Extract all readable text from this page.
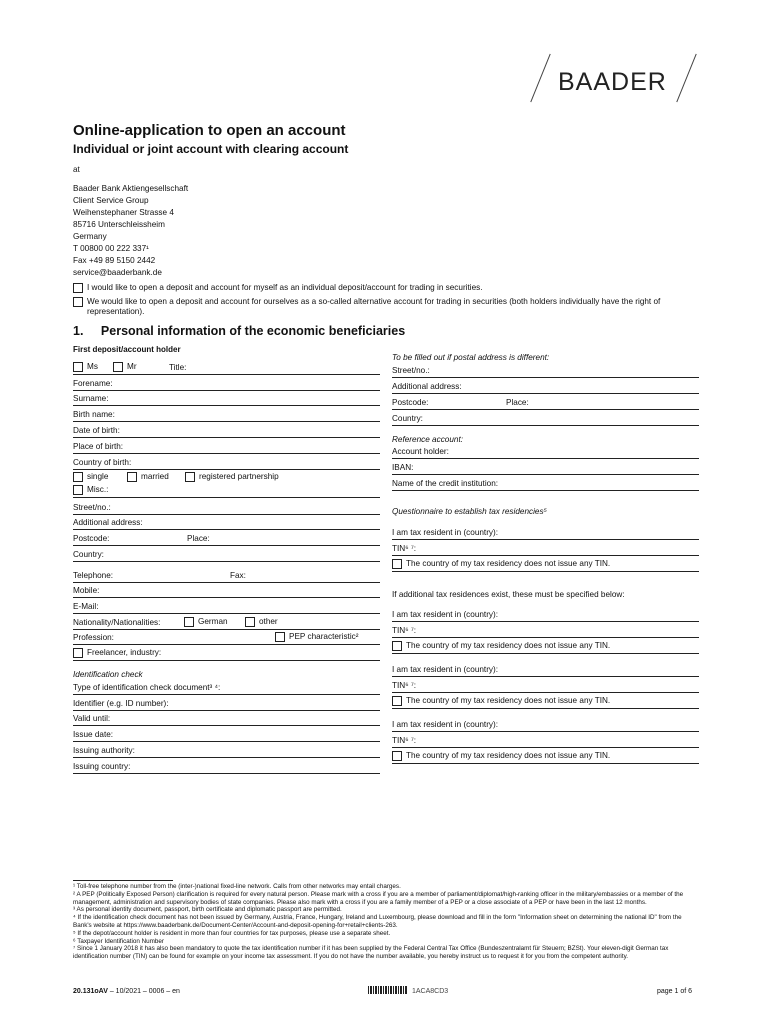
BAADER
Online-application to open an account
Individual or joint account with clearing account
at
Baader Bank Aktiengesellschaft
Client Service Group
Weihenstephaner Strasse 4
85716 Unterschleissheim
Germany
T 00800 00 222 337¹
Fax +49 89 5150 2442
service@baaderbank.de
I would like to open a deposit and account for myself as an individual deposit/account for trading in securities.
We would like to open a deposit and account for ourselves as a so-called alternative account for trading in securities (both holders individually have the right of representation).
1. Personal information of the economic beneficiaries
First deposit/account holder
Ms	Mr	Title:
Forename:
Surname:
Birth name:
Date of birth:
Place of birth:
Country of birth:
single	married	registered partnership
Misc.:
Street/no.:
Additional address:
Postcode:	Place:
Country:
Telephone:	Fax:
Mobile:
E-Mail:
Nationality/Nationalities:	German	other
Profession:	PEP characteristic²
Freelancer, industry:
Identification check
Type of identification check document³ ⁴:
Identifier (e.g. ID number):
Valid until:
Issue date:
Issuing authority:
Issuing country:
To be filled out if postal address is different:
Street/no.:
Additional address:
Postcode:	Place:
Country:
Reference account:
Account holder:
IBAN:
Name of the credit institution:
Questionnaire to establish tax residencies⁵
I am tax resident in (country):
TIN⁶ ⁷:
The country of my tax residency does not issue any TIN.
If additional tax residences exist, these must be specified below:
I am tax resident in (country):
TIN⁶ ⁷:
The country of my tax residency does not issue any TIN.
I am tax resident in (country):
TIN⁶ ⁷:
The country of my tax residency does not issue any TIN.
I am tax resident in (country):
TIN⁶ ⁷:
The country of my tax residency does not issue any TIN.
¹ Toll-free telephone number from the (inter-)national fixed-line network. Calls from other networks may entail charges.
² A PEP (Politically Exposed Person) clarification is required for every natural person. Please mark with a cross if you are a member of parliament/diplomat/high-ranking officer in the military/embassies or a member of the management, administration and supervisory bodies of state companies. Please also mark with a cross if you are a family member of a PEP or a close associate of a PEP or have been in the last 12 months.
³ As personal identity document, passport, birth certificate and diplomatic passport are permitted.
⁴ If the identification check document has not been issued by Germany, Austria, France, Hungary, Ireland and Luxembourg, please download and fill in the form "Information sheet on determining the national ID" from the Bank's website at https://www.baaderbank.de/Document-Center/Account-and-deposit-opening-for+retail+clients-263.
⁵ If the depot/account holder is resident in more than four countries for tax purposes, please use a separate sheet.
⁶ Taxpayer Identification Number
⁷ Since 1 January 2018 it has also been mandatory to quote the tax identification number if it has been supplied by the Federal Central Tax Office (Bundeszentralamt für Steuern; BZSt). Your eleven-digit German tax identification number (TIN) can be found for example on your income tax assessment. If you do not have the number available, you hereby instruct us to request it for you from the competent authority.
20.131oAV – 10/2021 – 0006 – en	1ACA8CD3	page 1 of 6
